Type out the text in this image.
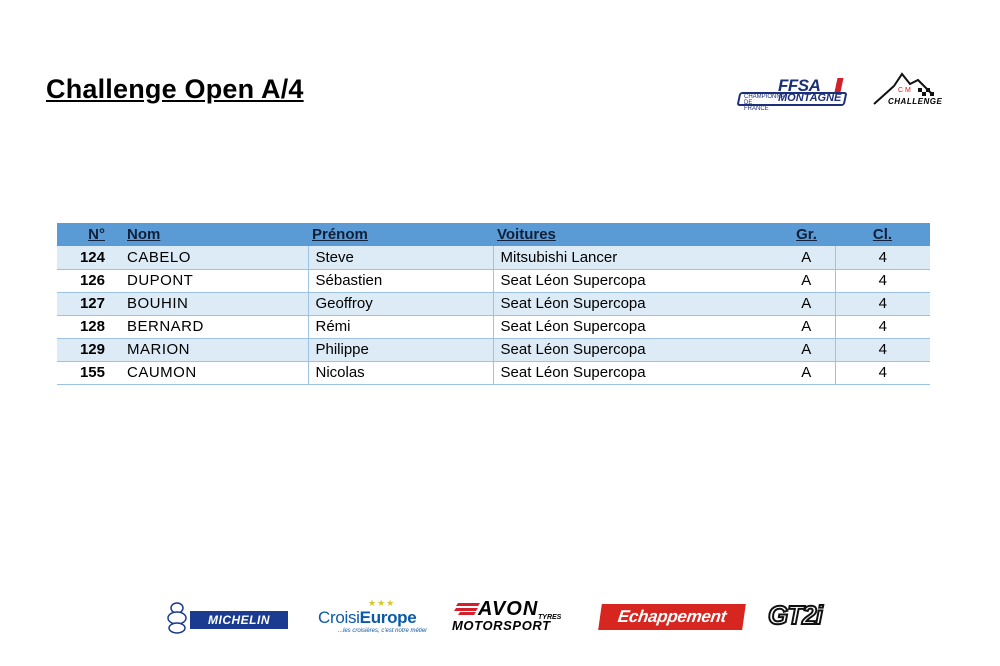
Challenge Open A/4	FFSA
CHAMPIONNAT DE FRANCE
MONTAGNE
C M
CHALLENGE
N°	Nom	Prénom	Voitures	Gr.	Cl.
124	CABELO	Steve	Mitsubishi Lancer	A	4
126	DUPONT	Sébastien	Seat Léon Supercopa	A	4
127	BOUHIN	Geoffroy	Seat Léon Supercopa	A	4
128	BERNARD	Rémi	Seat Léon Supercopa	A	4
129	MARION	Philippe	Seat Léon Supercopa	A	4
155	CAUMON	Nicolas	Seat Léon Supercopa	A	4
MICHELIN
★★★
CroisiEurope
...les croisières, c'est notre métier
AVON TYRES
MOTORSPORT	Echappement	GT2i
